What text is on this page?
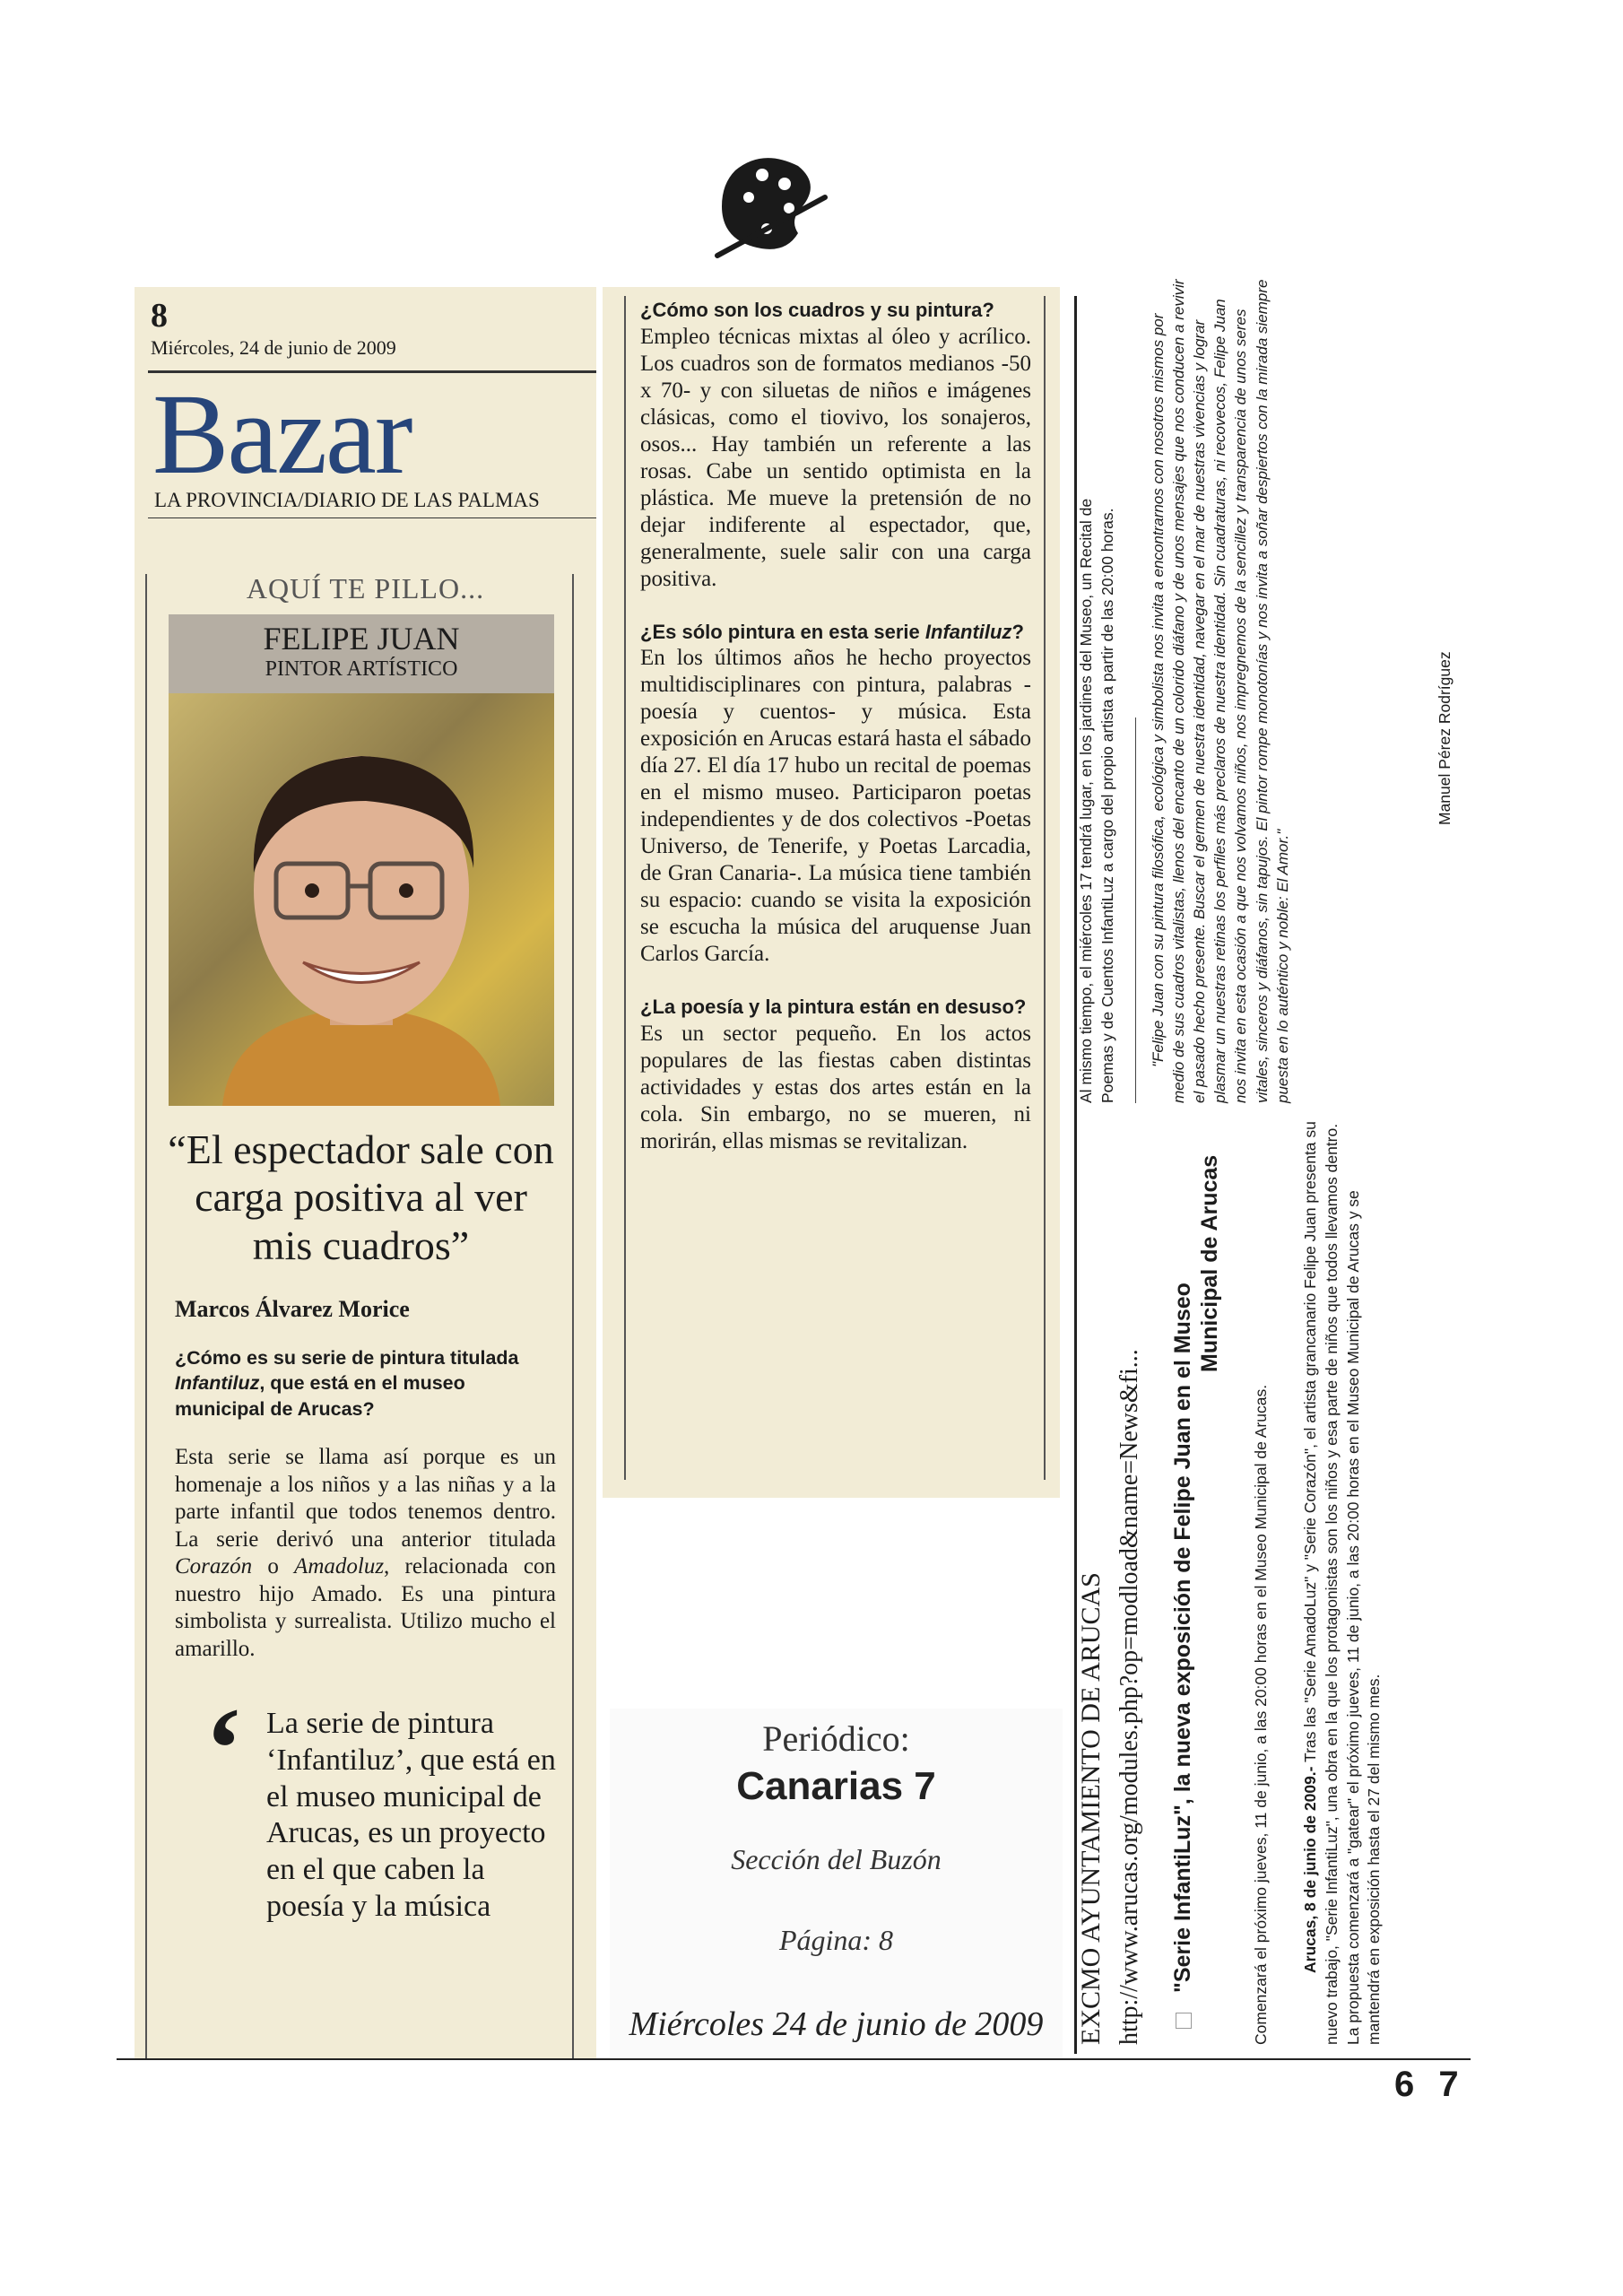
8
Miércoles, 24 de junio de 2009
Bazar
LA PROVINCIA/DIARIO DE LAS PALMAS
AQUÍ TE PILLO...
FELIPE JUAN
PINTOR ARTÍSTICO
“El espectador sale con carga positiva al ver mis cuadros”
Marcos Álvarez Morice
¿Cómo es su serie de pintura titulada Infantiluz, que está en el museo municipal de Arucas?
Esta serie se llama así porque es un homenaje a los niños y a las niñas y a la parte infantil que todos tenemos dentro. La serie derivó una anterior titulada Corazón o Amadoluz, relacionada con nuestro hijo Amado. Es una pintura simbolista y surrealista. Utilizo mucho el amarillo.
‘ La serie de pintura ‘Infantiluz’, que está en el museo municipal de Arucas, es un proyecto en el que caben la poesía y la música
¿Cómo son los cuadros y su pintura?
Empleo técnicas mixtas al óleo y acrílico. Los cuadros son de formatos medianos -50 x 70- y con siluetas de niños e imágenes clásicas, como el tiovivo, los sonajeros, osos... Hay también un referente a las rosas. Cabe un sentido optimista en la plástica. Me mueve la pretensión de no dejar indiferente al espectador, que, generalmente, suele salir con una carga positiva.
¿Es sólo pintura en esta serie Infantiluz?
En los últimos años he hecho proyectos multidisciplinares con pintura, palabras -poesía y cuentos- y música. Esta exposición en Arucas estará hasta el sábado día 27. El día 17 hubo un recital de poemas en el mismo museo. Participaron poetas independientes y de dos colectivos -Poetas Universo, de Tenerife, y Poetas Larcadia, de Gran Canaria-. La música tiene también su espacio: cuando se visita la exposición se escucha la música del aruquense Juan Carlos García.
¿La poesía y la pintura están en desuso?
Es un sector pequeño. En los actos populares de las fiestas caben distintas actividades y estas dos artes están en la cola. Sin embargo, no se mueren, ni morirán, ellas mismas se revitalizan.
Periódico:
Canarias 7
Sección del Buzón
Página: 8
Miércoles 24 de junio de 2009
6 7
EXCMO AYUNTAMIENTO DE ARUCAS http://www.arucas.org/modules.php?op=modload&name=News&fi... "Serie InfantiLuz", la nueva exposición de Felipe Juan en el Museo
Municipal de Arucas
Comenzará el próximo jueves, 11 de junio, a las 20:00 horas en el Museo Municipal de Arucas. Arucas, 8 de junio de 2009.- Tras las "Serie AmadoLuz" y "Serie Corazón", el artista grancanario Felipe Juan presenta su nuevo trabajo, "Serie InfantiLuz", una obra en la que los protagonistas son los niños y esa parte de niños que todos llevamos dentro. La propuesta comenzará a "gatear" el próximo jueves, 11 de junio, a las 20:00 horas en el Museo Municipal de Arucas y se mantendrá en exposición hasta el 27 del mismo mes.
Al mismo tiempo, el miércoles 17 tendrá lugar, en los jardines del Museo, un Recital de Poemas y de Cuentos InfantiLuz a cargo del propio artista a partir de las 20:00 horas. "Felipe Juan con su pintura filosófica, ecológica y simbolista nos invita a encontrarnos con nosotros mismos por medio de sus cuadros vitalistas, llenos del encanto de un colorido diáfano y de unos mensajes que nos conducen a revivir el pasado hecho presente. Buscar el germen de nuestra identidad, navegar en el mar de nuestras vivencias y lograr plasmar un nuestras retinas los perfiles más preclaros de nuestra identidad. Sin cuadraturas, ni recovecos, Felipe Juan nos invita en esta ocasión a que nos volvamos niños, nos impregnemos de la sencillez y transparencia de unos seres vitales, sinceros y diáfanos, sin tapujos. El pintor rompe monotonías y nos invita a soñar despiertos con la mirada siempre puesta en lo auténtico y noble: El Amor."
Manuel Pérez Rodríguez
